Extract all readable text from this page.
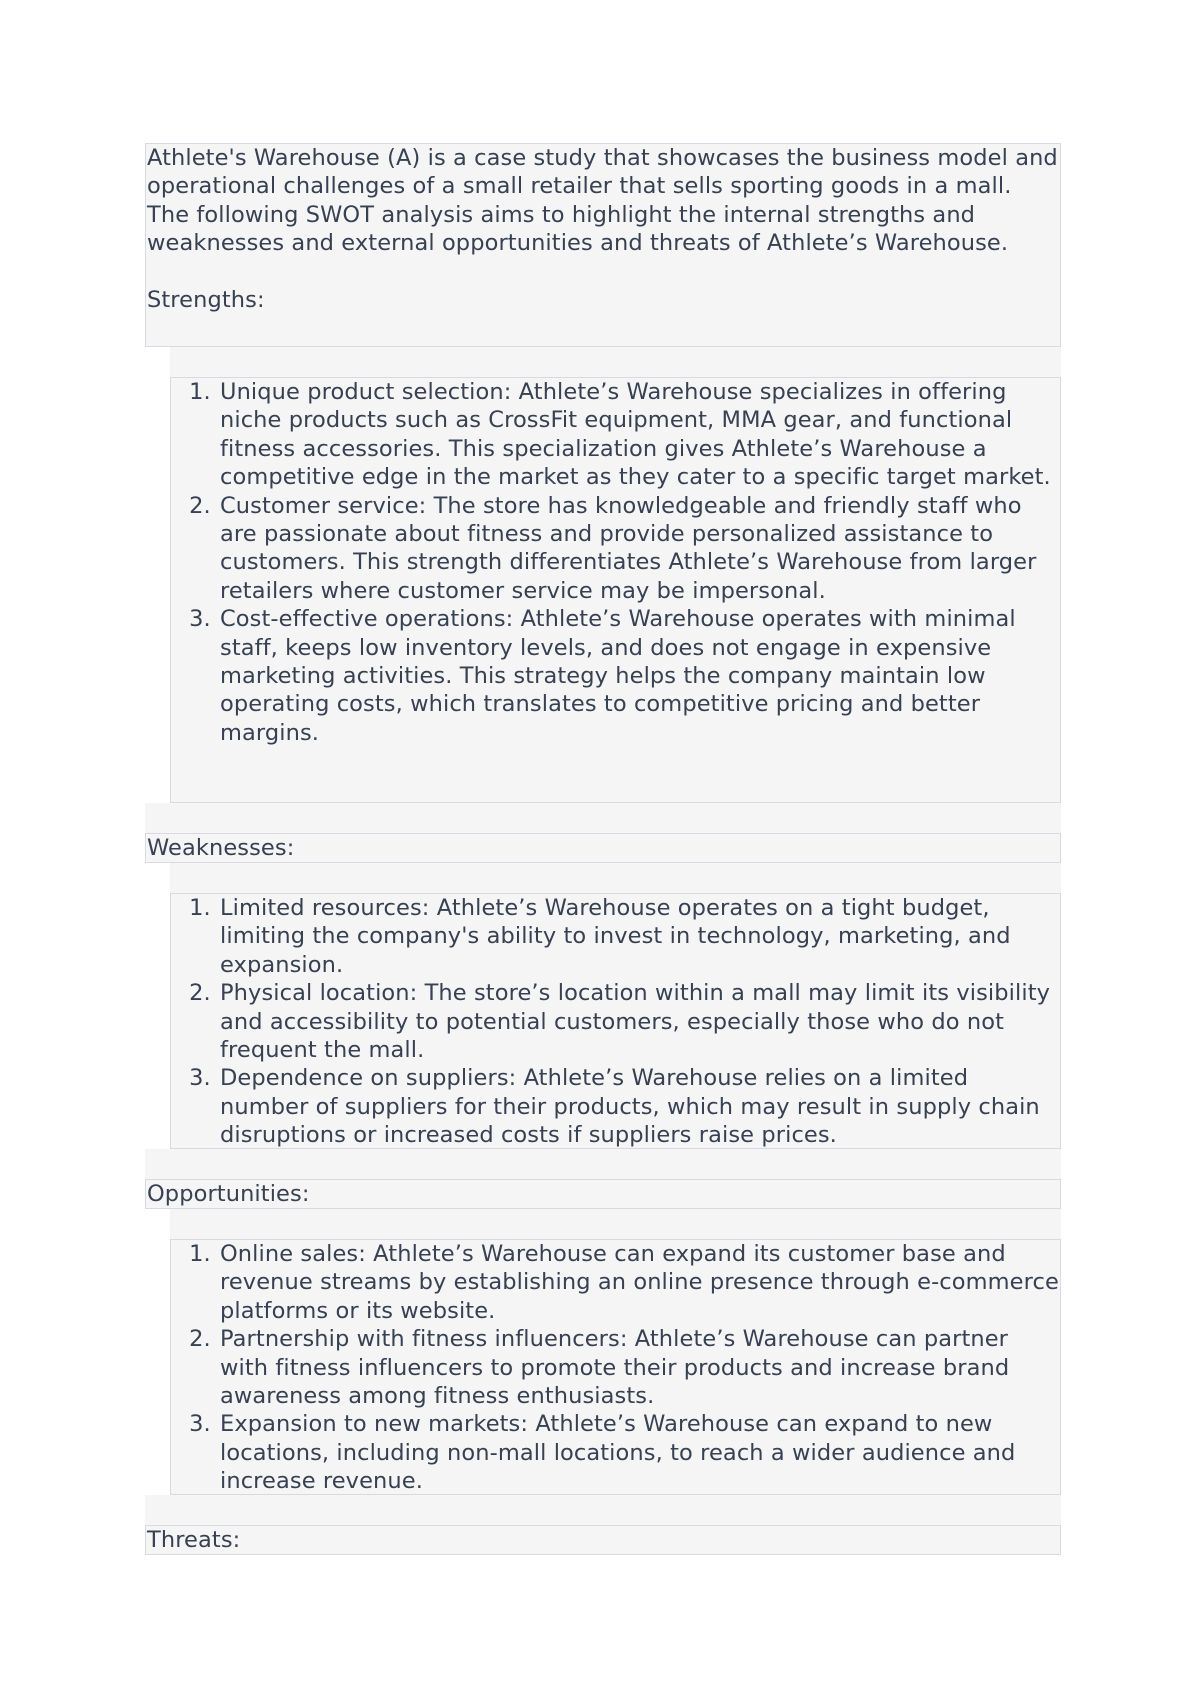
Athlete's Warehouse (A) is a case study that showcases the business model and operational challenges of a small retailer that sells sporting goods in a mall. The following SWOT analysis aims to highlight the internal strengths and weaknesses and external opportunities and threats of Athlete’s Warehouse.

Strengths:

1. Unique product selection: Athlete’s Warehouse specializes in offering niche products such as CrossFit equipment, MMA gear, and functional fitness accessories. This specialization gives Athlete’s Warehouse a competitive edge in the market as they cater to a specific target market.
2. Customer service: The store has knowledgeable and friendly staff who are passionate about fitness and provide personalized assistance to customers. This strength differentiates Athlete’s Warehouse from larger retailers where customer service may be impersonal.
3. Cost-effective operations: Athlete’s Warehouse operates with minimal staff, keeps low inventory levels, and does not engage in expensive marketing activities. This strategy helps the company maintain low operating costs, which translates to competitive pricing and better margins.
Weaknesses:
1. Limited resources: Athlete’s Warehouse operates on a tight budget, limiting the company's ability to invest in technology, marketing, and expansion.
2. Physical location: The store’s location within a mall may limit its visibility and accessibility to potential customers, especially those who do not frequent the mall.
3. Dependence on suppliers: Athlete’s Warehouse relies on a limited number of suppliers for their products, which may result in supply chain disruptions or increased costs if suppliers raise prices.
Opportunities:
1. Online sales: Athlete’s Warehouse can expand its customer base and revenue streams by establishing an online presence through e-commerce platforms or its website.
2. Partnership with fitness influencers: Athlete’s Warehouse can partner with fitness influencers to promote their products and increase brand awareness among fitness enthusiasts.
3. Expansion to new markets: Athlete’s Warehouse can expand to new locations, including non-mall locations, to reach a wider audience and increase revenue.
Threats:
